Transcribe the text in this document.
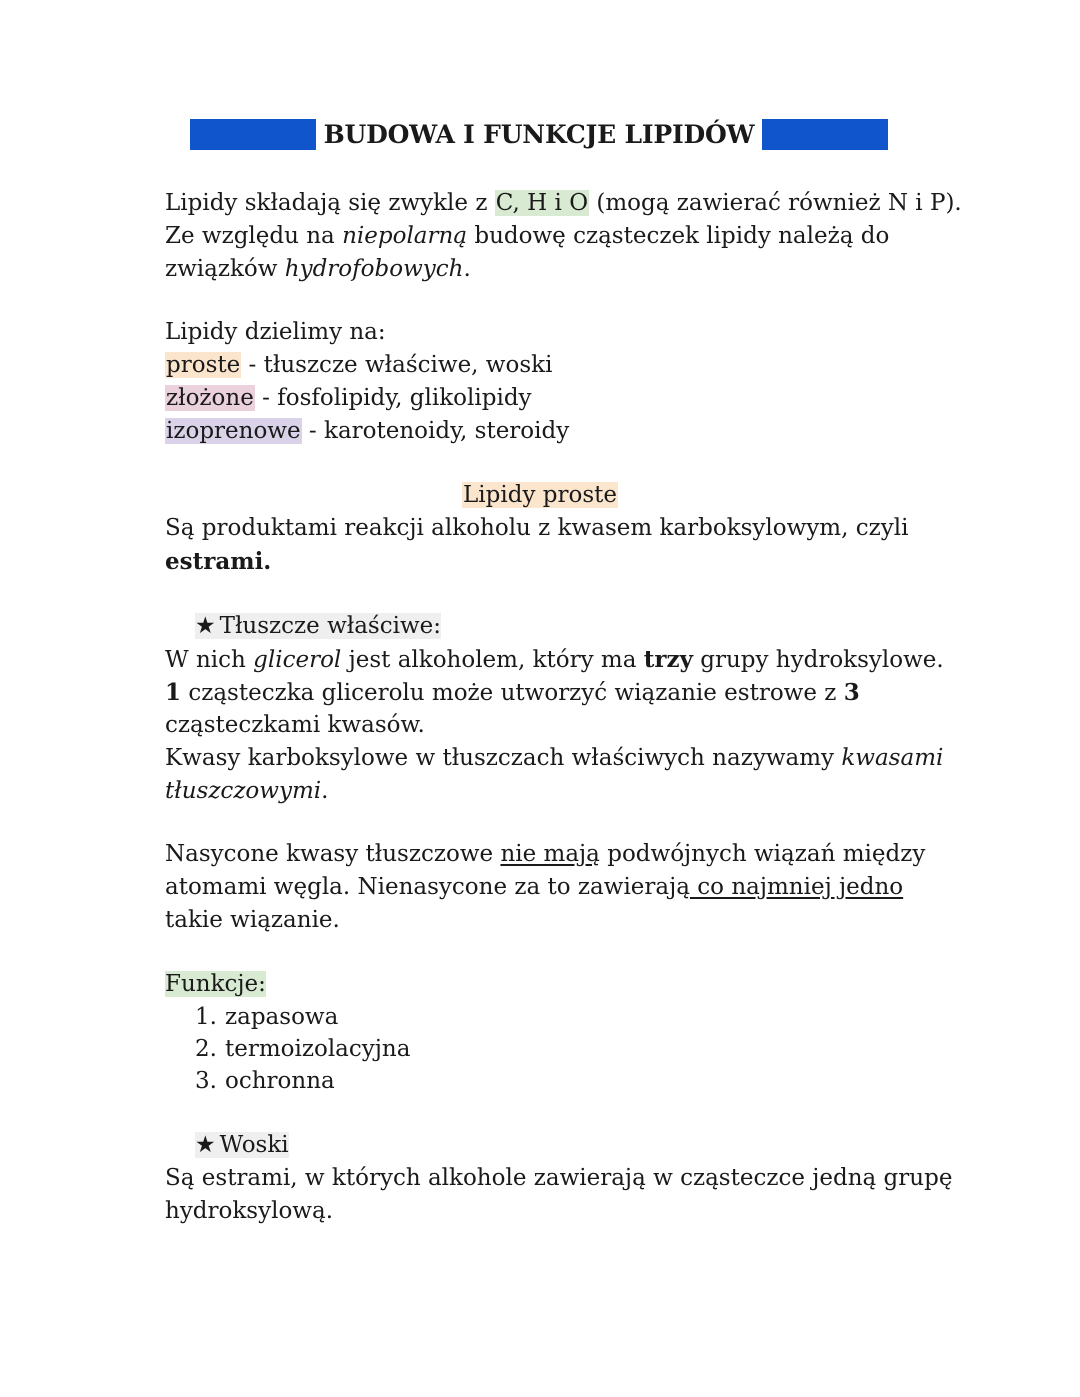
BUDOWA I FUNKCJE LIPIDÓW
Lipidy składają się zwykle z C, H i O (mogą zawierać również N i P).
Ze względu na niepolarną budowę cząsteczek lipidy należą do
związków hydrofobowych.
Lipidy dzielimy na:
proste - tłuszcze właściwe, woski
złożone - fosfolipidy, glikolipidy
izoprenowe - karotenoidy, steroidy
Lipidy proste
Są produktami reakcji alkoholu z kwasem karboksylowym, czyli
estrami.
★ Tłuszcze właściwe:
W nich glicerol jest alkoholem, który ma trzy grupy hydroksylowe.
1 cząsteczka glicerolu może utworzyć wiązanie estrowe z 3
cząsteczkami kwasów.
Kwasy karboksylowe w tłuszczach właściwych nazywamy kwasami
tłuszczowymi.
Nasycone kwasy tłuszczowe nie mają podwójnych wiązań między
atomami węgla. Nienasycone za to zawierają co najmniej jedno
takie wiązanie.
Funkcje:
1. zapasowa
2. termoizolacyjna
3. ochronna
★ Woski
Są estrami, w których alkohole zawierają w cząsteczce jedną grupę
hydroksylową.
